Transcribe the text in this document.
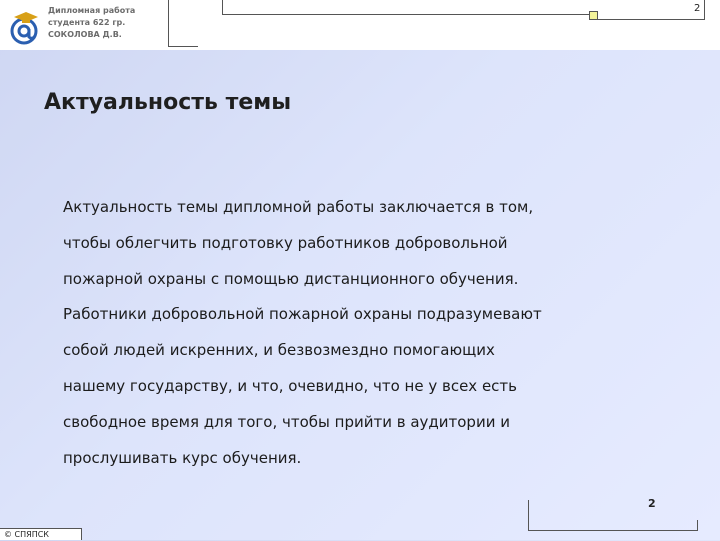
Дипломная работа
студента 622 гр.
СОКОЛОВА Д.В.
2
Актуальность темы
Актуальность темы дипломной работы заключается в том,
чтобы облегчить подготовку работников добровольной
пожарной охраны с помощью дистанционного обучения.
Работники добровольной пожарной охраны подразумевают
собой людей искренних, и безвозмездно помогающих
нашему государству, и что, очевидно, что не у всех есть
свободное время для того, чтобы прийти в аудитории и
прослушивать курс обучения.
2
© СПЯПСК
